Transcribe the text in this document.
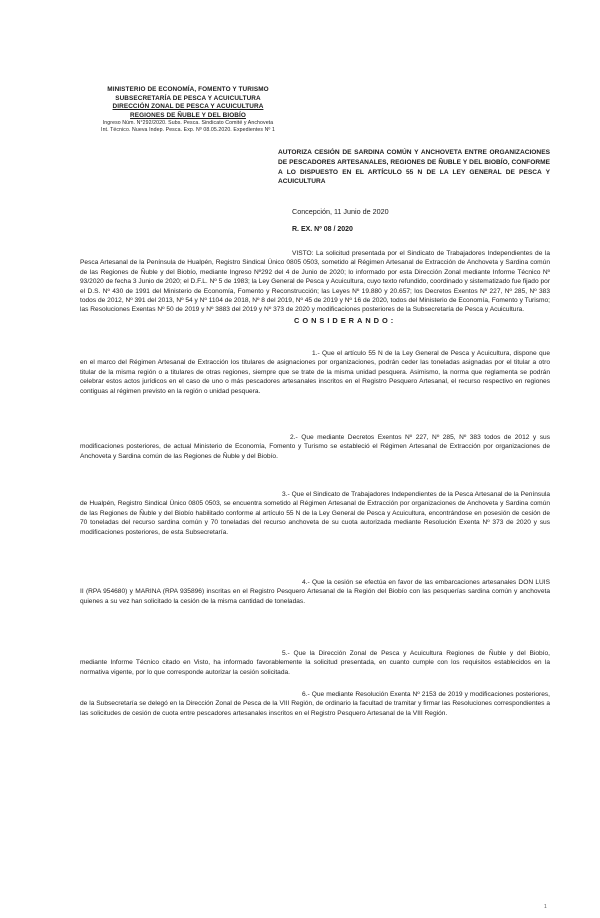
MINISTERIO DE ECONOMÍA, FOMENTO Y TURISMO
SUBSECRETARÍA DE PESCA Y ACUICULTURA
DIRECCIÓN ZONAL DE PESCA Y ACUICULTURA
REGIONES DE ÑUBLE Y DEL BIOBÍO
Ingreso Núm. N°292/2020. Subs. Pesca. Sindicato Comité y Anchoveta
Int. Técnico. Nueva Indep. Pesca. Exp. Nº 08.05.2020. Expedientes Nº 1
AUTORIZA CESIÓN DE SARDINA COMÚN Y ANCHOVETA ENTRE ORGANIZACIONES DE PESCADORES ARTESANALES, REGIONES DE ÑUBLE Y DEL BIOBÍO, CONFORME A LO DISPUESTO EN EL ARTÍCULO 55 N DE LA LEY GENERAL DE PESCA Y ACUICULTURA
Concepción, 11 Junio de 2020
R. EX. Nº 08 / 2020
VISTO: La solicitud presentada por el Sindicato de Trabajadores Independientes de la Pesca Artesanal de la Península de Hualpén, Registro Sindical Único 0805 0503, sometido al Régimen Artesanal de Extracción de Anchoveta y Sardina común de las Regiones de Ñuble y del Biobío, mediante Ingreso Nº292 del 4 de Junio de 2020; lo informado por esta Dirección Zonal mediante Informe Técnico Nº 93/2020 de fecha 3 Junio de 2020; el D.F.L. Nº 5 de 1983; la Ley General de Pesca y Acuicultura, cuyo texto refundido, coordinado y sistematizado fue fijado por el D.S. Nº 430 de 1991 del Ministerio de Economía, Fomento y Reconstrucción; las Leyes Nº 19.880 y 20.657; los Decretos Exentos Nº 227, Nº 285, Nº 383 todos de 2012, Nº 391 del 2013, Nº 54 y Nº 1104 de 2018, Nº 8 del 2019, Nº 45 de 2019 y Nº 16 de 2020, todos del Ministerio de Economía, Fomento y Turismo; las Resoluciones Exentas Nº 50 de 2019 y Nº 3883 del 2019 y Nº 373 de 2020 y modificaciones posteriores de la Subsecretaría de Pesca y Acuicultura.
CONSIDERANDO:
1.- Que el artículo 55 N de la Ley General de Pesca y Acuicultura, dispone que en el marco del Régimen Artesanal de Extracción los titulares de asignaciones por organizaciones, podrán ceder las toneladas asignadas por el titular a otro titular de la misma región o a titulares de otras regiones, siempre que se trate de la misma unidad pesquera. Asimismo, la norma que reglamenta se podrán celebrar estos actos jurídicos en el caso de uno o más pescadores artesanales inscritos en el Registro Pesquero Artesanal, el recurso respectivo en regiones contiguas al régimen previsto en la región o unidad pesquera.
2.- Que mediante Decretos Exentos Nº 227, Nº 285, Nº 383 todos de 2012 y sus modificaciones posteriores, de actual Ministerio de Economía, Fomento y Turismo se estableció el Régimen Artesanal de Extracción por organizaciones de Anchoveta y Sardina común de las Regiones de Ñuble y del Biobío.
3.- Que el Sindicato de Trabajadores Independientes de la Pesca Artesanal de la Península de Hualpén, Registro Sindical Único 0805 0503, se encuentra sometido al Régimen Artesanal de Extracción por organizaciones de Anchoveta y Sardina común de las Regiones de Ñuble y del Biobío habilitado conforme al artículo 55 N de la Ley General de Pesca y Acuicultura, encontrándose en posesión de cesión de 70 toneladas del recurso sardina común y 70 toneladas del recurso anchoveta de su cuota autorizada mediante Resolución Exenta Nº 373 de 2020 y sus modificaciones posteriores, de esta Subsecretaría.
4.- Que la cesión se efectúa en favor de las embarcaciones artesanales DON LUIS II (RPA 954680) y MARINA (RPA 935896) inscritas en el Registro Pesquero Artesanal de la Región del Biobío con las pesquerías sardina común y anchoveta quienes a su vez han solicitado la cesión de la misma cantidad de toneladas.
5.- Que la Dirección Zonal de Pesca y Acuicultura Regiones de Ñuble y del Biobío, mediante Informe Técnico citado en Visto, ha informado favorablemente la solicitud presentada, en cuanto cumple con los requisitos establecidos en la normativa vigente, por lo que corresponde autorizar la cesión solicitada.
6.- Que mediante Resolución Exenta Nº 2153 de 2019 y modificaciones posteriores, de la Subsecretaría se delegó en la Dirección Zonal de Pesca de la VIII Región, de ordinario la facultad de tramitar y firmar las Resoluciones correspondientes a las solicitudes de cesión de cuota entre pescadores artesanales inscritos en el Registro Pesquero Artesanal de la VIII Región.
1
